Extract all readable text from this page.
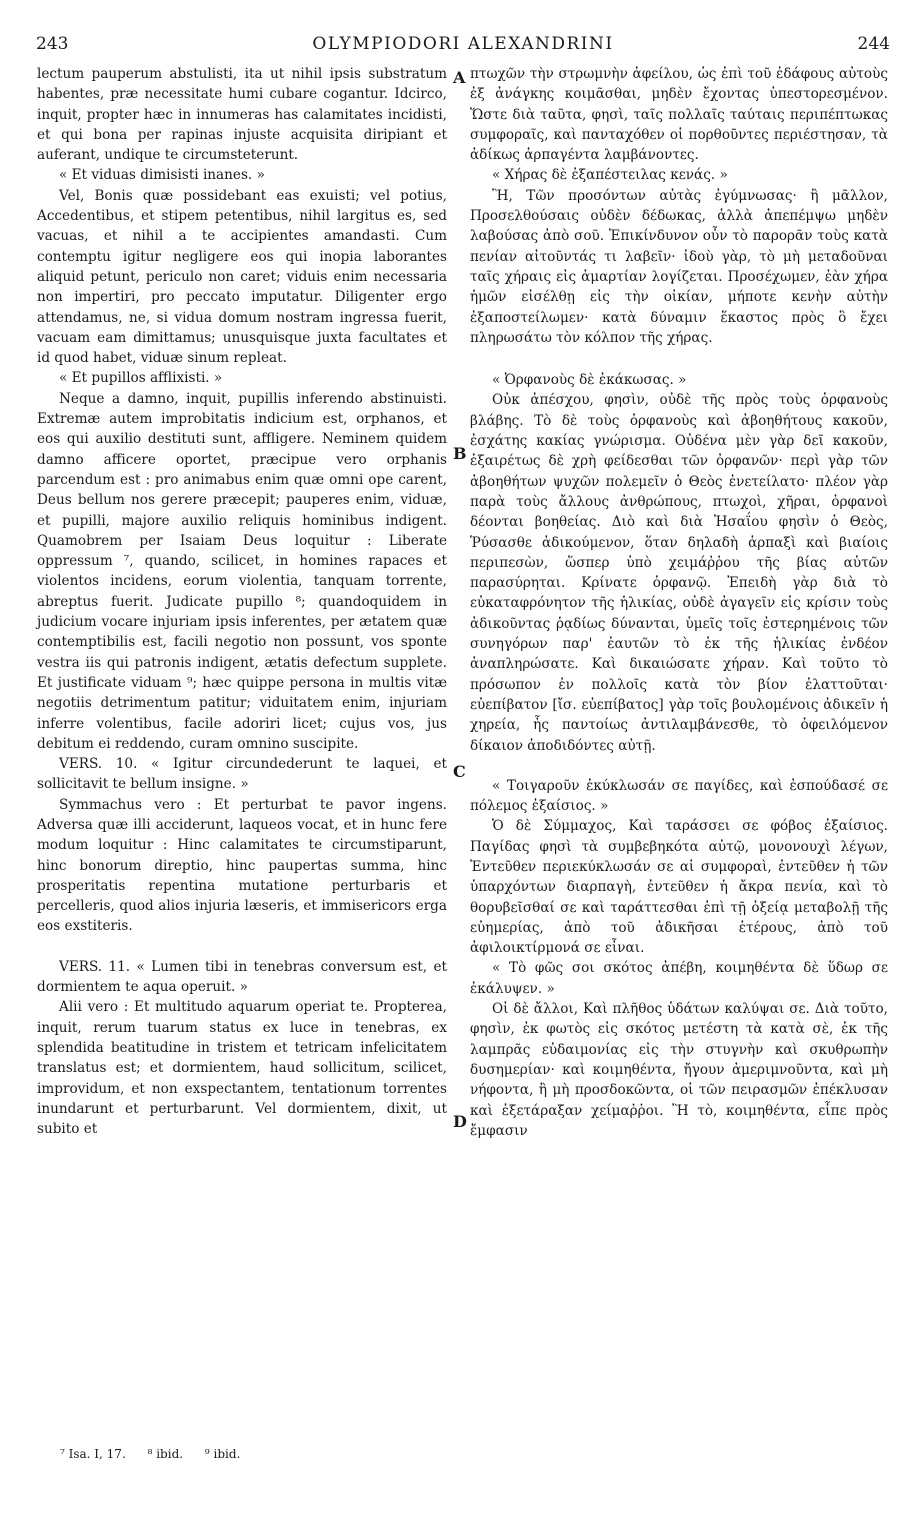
243	OLYMPIODORI ALEXANDRINI	244

lectum pauperum abstulisti, ita ut nihil ipsis substratum habentes, præ necessitate humi cubare cogantur. Idcirco, inquit, propter hæc in innumeras has calamitates incidisti, et qui bona per rapinas injuste acquisita diripiant et auferant, undique te circumsteterunt.

« Et viduas dimisisti inanes. »

Vel, Bonis quæ possidebant eas exuisti; vel potius, Accedentibus, et stipem petentibus, nihil largitus es, sed vacuas, et nihil a te accipientes amandasti. Cum contemptu igitur negligere eos qui inopia laborantes aliquid petunt, periculo non caret; viduis enim necessaria non impertiri, pro peccato imputatur. Diligenter ergo attendamus, ne, si vidua domum nostram ingressa fuerit, vacuam eam dimittamus; unusquisque juxta facultates et id quod habet, viduæ sinum repleat.

« Et pupillos afflixisti. »

Neque a damno, inquit, pupillis inferendo abstinuisti. Extremæ autem improbitatis indicium est, orphanos, et eos qui auxilio destituti sunt, affligere. Neminem quidem damno afficere oportet, præcipue vero orphanis parcendum est : pro animabus enim quæ omni ope carent, Deus bellum nos gerere præcepit; pauperes enim, viduæ, et pupilli, majore auxilio reliquis hominibus indigent. Quamobrem per Isaiam Deus loquitur : Liberate oppressum ⁷, quando, scilicet, in homines rapaces et violentos incidens, eorum violentia, tanquam torrente, abreptus fuerit. Judicate pupillo ⁸; quandoquidem in judicium vocare injuriam ipsis inferentes, per ætatem quæ contemptibilis est, facili negotio non possunt, vos sponte vestra iis qui patronis indigent, ætatis defectum supplete. Et justificate viduam ⁹; hæc quippe persona in multis vitæ negotiis detrimentum patitur; viduitatem enim, injuriam inferre volentibus, facile adoriri licet; cujus vos, jus debitum ei reddendo, curam omnino suscipite.

VERS. 10. « Igitur circundederunt te laquei, et sollicitavit te bellum insigne. »

Symmachus vero : Et perturbat te pavor ingens. Adversa quæ illi acciderunt, laqueos vocat, et in hunc fere modum loquitur : Hinc calamitates te circumstiparunt, hinc bonorum direptio, hinc paupertas summa, hinc prosperitatis repentina mutatione perturbaris et percelleris, quod alios injuria læseris, et immisericors erga eos exstiteris.

VERS. 11. « Lumen tibi in tenebras conversum est, et dormientem te aqua operuit. »

Alii vero : Et multitudo aquarum operiat te. Propterea, inquit, rerum tuarum status ex luce in tenebras, ex splendida beatitudine in tristem et tetricam infelicitatem translatus est; et dormientem, haud sollicitum, scilicet, improvidum, et non exspectantem, tentationum torrentes inundarunt et perturbarunt. Vel dormientem, dixit, ut subito et

A
B
C
D

πτωχῶν τὴν στρωμνὴν ἀφείλου, ὡς ἐπὶ τοῦ ἐδάφους αὐτοὺς ἐξ ἀνάγκης κοιμᾶσθαι, μηδὲν ἔχοντας ὑπεστορεσμένον. Ὥστε διὰ ταῦτα, φησὶ, ταῖς πολλαῖς ταύταις περιπέπτωκας συμφοραῖς, καὶ πανταχόθεν οἱ πορθοῦντες περιέστησαν, τὰ ἀδίκως ἁρπαγέντα λαμβάνοντες.

« Χήρας δὲ ἐξαπέστειλας κενάς. »

Ἢ, Τῶν προσόντων αὐτὰς ἐγύμνωσας· ἢ μᾶλλον, Προσελθούσαις οὐδὲν δέδωκας, ἀλλὰ ἀπεπέμψω μηδὲν λαβούσας ἀπὸ σοῦ. Ἐπικίνδυνον οὖν τὸ παρορᾶν τοὺς κατὰ πενίαν αἰτοῦντάς τι λαβεῖν· ἰδοὺ γὰρ, τὸ μὴ μεταδοῦναι ταῖς χήραις εἰς ἁμαρτίαν λογίζεται. Προσέχωμεν, ἐὰν χήρα ἡμῶν εἰσέλθῃ εἰς τὴν οἰκίαν, μήποτε κενὴν αὐτὴν ἐξαποστείλωμεν· κατὰ δύναμιν ἕκαστος πρὸς ὃ ἔχει πληρωσάτω τὸν κόλπον τῆς χήρας.

« Ὀρφανοὺς δὲ ἐκάκωσας. »

Οὐκ ἀπέσχου, φησὶν, οὐδὲ τῆς πρὸς τοὺς ὀρφανοὺς βλάβης. Τὸ δὲ τοὺς ὀρφανοὺς καὶ ἀβοηθήτους κακοῦν, ἐσχάτης κακίας γνώρισμα. Οὐδένα μὲν γὰρ δεῖ κακοῦν, ἐξαιρέτως δὲ χρὴ φείδεσθαι τῶν ὀρφανῶν· περὶ γὰρ τῶν ἀβοηθήτων ψυχῶν πολεμεῖν ὁ Θεὸς ἐνετείλατο· πλέον γὰρ παρὰ τοὺς ἄλλους ἀνθρώπους, πτωχοὶ, χῆραι, ὀρφανοὶ δέονται βοηθείας. Διὸ καὶ διὰ Ἡσαΐου φησὶν ὁ Θεὸς, Ῥύσασθε ἀδικούμενον, ὅταν δηλαδὴ ἁρπαξὶ καὶ βιαίοις περιπεσὼν, ὥσπερ ὑπὸ χειμάῤῥου τῆς βίας αὐτῶν παρασύρηται. Κρίνατε ὀρφανῷ. Ἐπειδὴ γὰρ διὰ τὸ εὐκαταφρόνητον τῆς ἡλικίας, οὐδὲ ἀγαγεῖν εἰς κρίσιν τοὺς ἀδικοῦντας ῥᾳδίως δύνανται, ὑμεῖς τοῖς ἐστερημένοις τῶν συνηγόρων παρ' ἑαυτῶν τὸ ἐκ τῆς ἡλικίας ἐνδέον ἀναπληρώσατε. Καὶ δικαιώσατε χήραν. Καὶ τοῦτο τὸ πρόσωπον ἐν πολλοῖς κατὰ τὸν βίον ἐλαττοῦται· εὐεπίβατον [ἴσ. εὐεπίβατος] γὰρ τοῖς βουλομένοις ἀδικεῖν ἡ χηρεία, ἧς παντοίως ἀντιλαμβάνεσθε, τὸ ὀφειλόμενον δίκαιον ἀποδιδόντες αὐτῇ.

« Τοιγαροῦν ἐκύκλωσάν σε παγίδες, καὶ ἐσπούδασέ σε πόλεμος ἐξαίσιος. »

Ὁ δὲ Σύμμαχος, Καὶ ταράσσει σε φόβος ἐξαίσιος. Παγίδας φησὶ τὰ συμβεβηκότα αὐτῷ, μονονουχὶ λέγων, Ἐντεῦθεν περιεκύκλωσάν σε αἱ συμφοραὶ, ἐντεῦθεν ἡ τῶν ὑπαρχόντων διαρπαγὴ, ἐντεῦθεν ἡ ἄκρα πενία, καὶ τὸ θορυβεῖσθαί σε καὶ ταράττεσθαι ἐπὶ τῇ ὀξείᾳ μεταβολῇ τῆς εὐημερίας, ἀπὸ τοῦ ἀδικῆσαι ἑτέρους, ἀπὸ τοῦ ἀφιλοικτίρμονά σε εἶναι.

« Τὸ φῶς σοι σκότος ἀπέβη, κοιμηθέντα δὲ ὕδωρ σε ἐκάλυψεν. »

Οἱ δὲ ἄλλοι, Καὶ πλῆθος ὑδάτων καλύψαι σε. Διὰ τοῦτο, φησὶν, ἐκ φωτὸς εἰς σκότος μετέστη τὰ κατὰ σὲ, ἐκ τῆς λαμπρᾶς εὐδαιμονίας εἰς τὴν στυγνὴν καὶ σκυθρωπὴν δυσημερίαν· καὶ κοιμηθέντα, ἤγουν ἀμεριμνοῦντα, καὶ μὴ νήφοντα, ἢ μὴ προσδοκῶντα, οἱ τῶν πειρασμῶν ἐπέκλυσαν καὶ ἐξετάραξαν χείμαῤῥοι. Ἢ τὸ, κοιμηθέντα, εἶπε πρὸς ἔμφασιν

⁷ Isa. I, 17. ⁸ ibid. ⁹ ibid.
